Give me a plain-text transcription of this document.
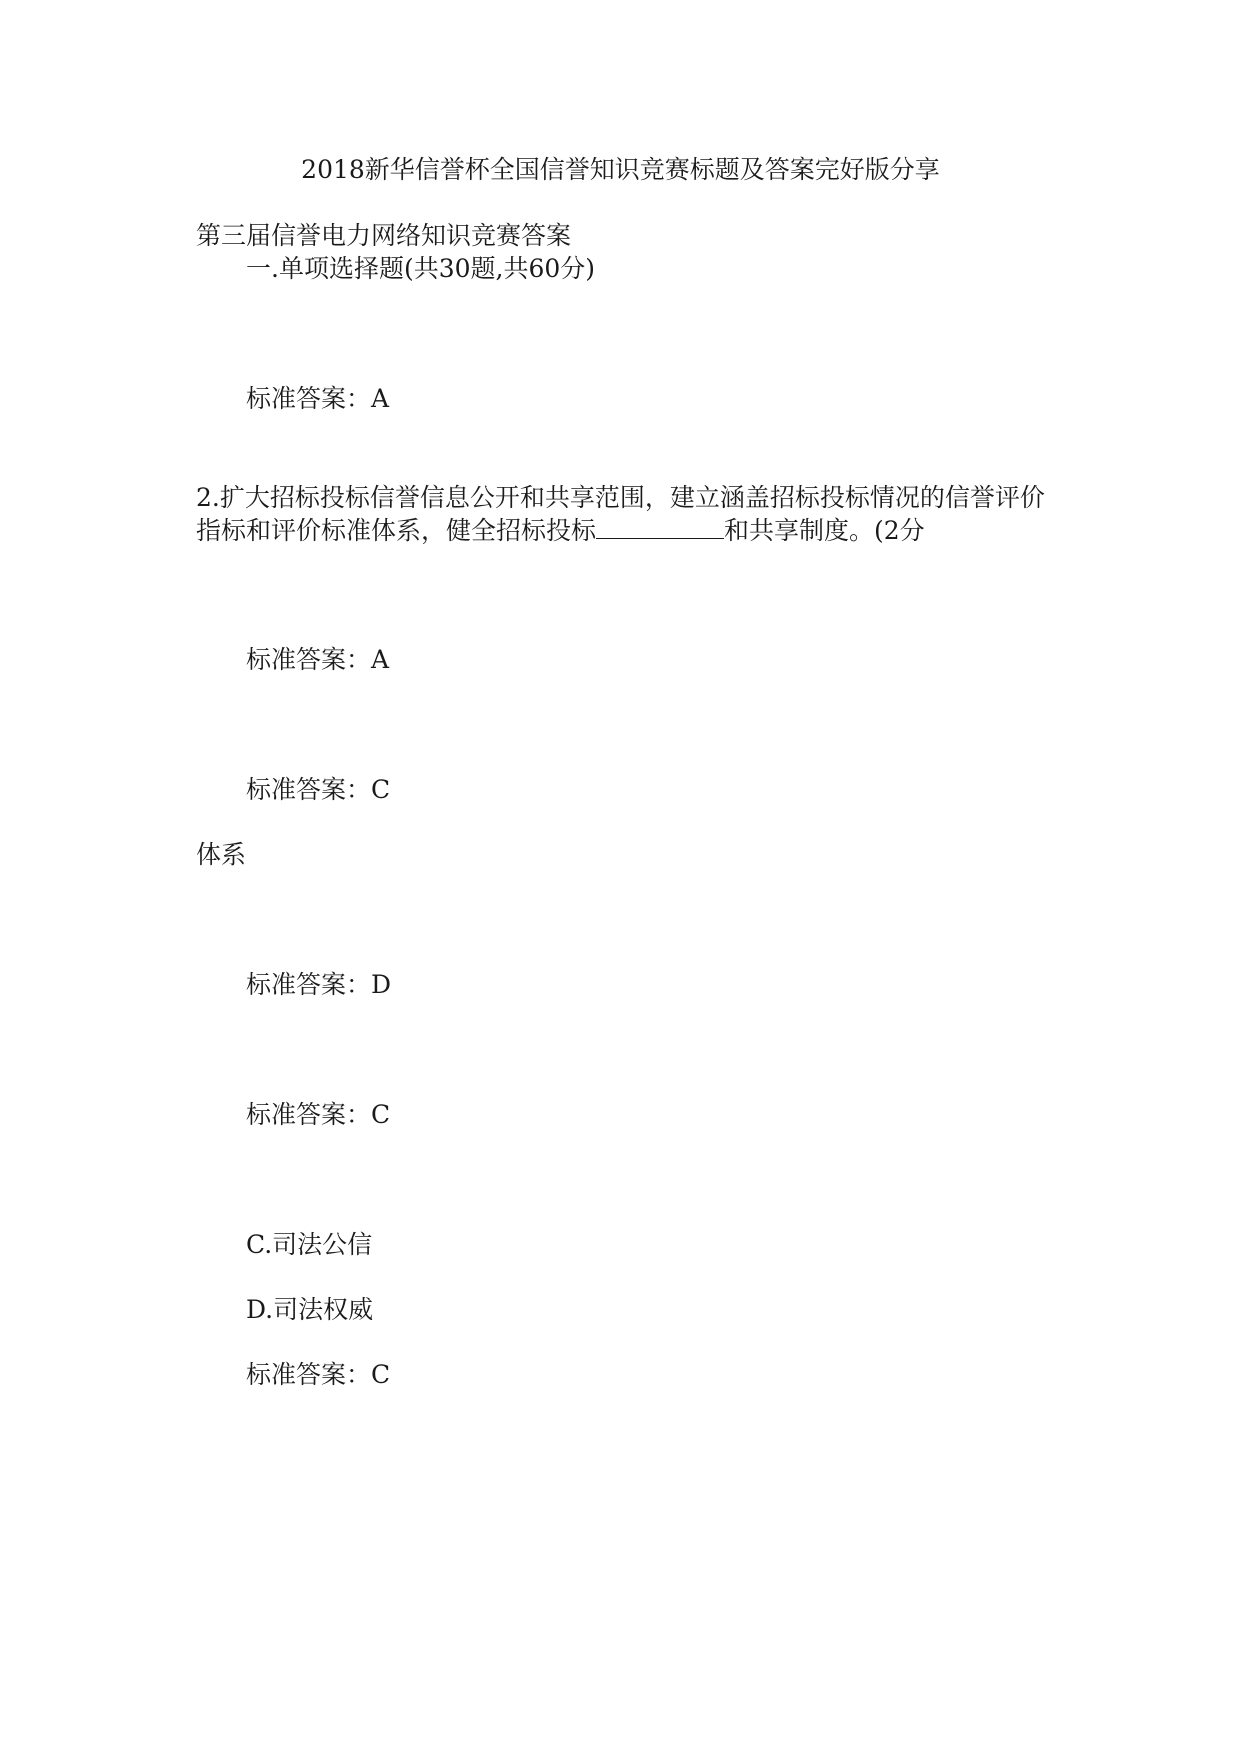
2018新华信誉杯全国信誉知识竞赛标题及答案完好版分享

第三届信誉电力网络知识竞赛答案

一.单项选择题(共30题,共60分)

标准答案：A

2.扩大招标投标信誉信息公开和共享范围，建立涵盖招标投标情况的信誉评价

指标和评价标准体系，健全招标投标	和共享制度。(2分

标准答案：A

标准答案：C

体系

标准答案：D

标准答案：C

C.司法公信

D.司法权威

标准答案：C
